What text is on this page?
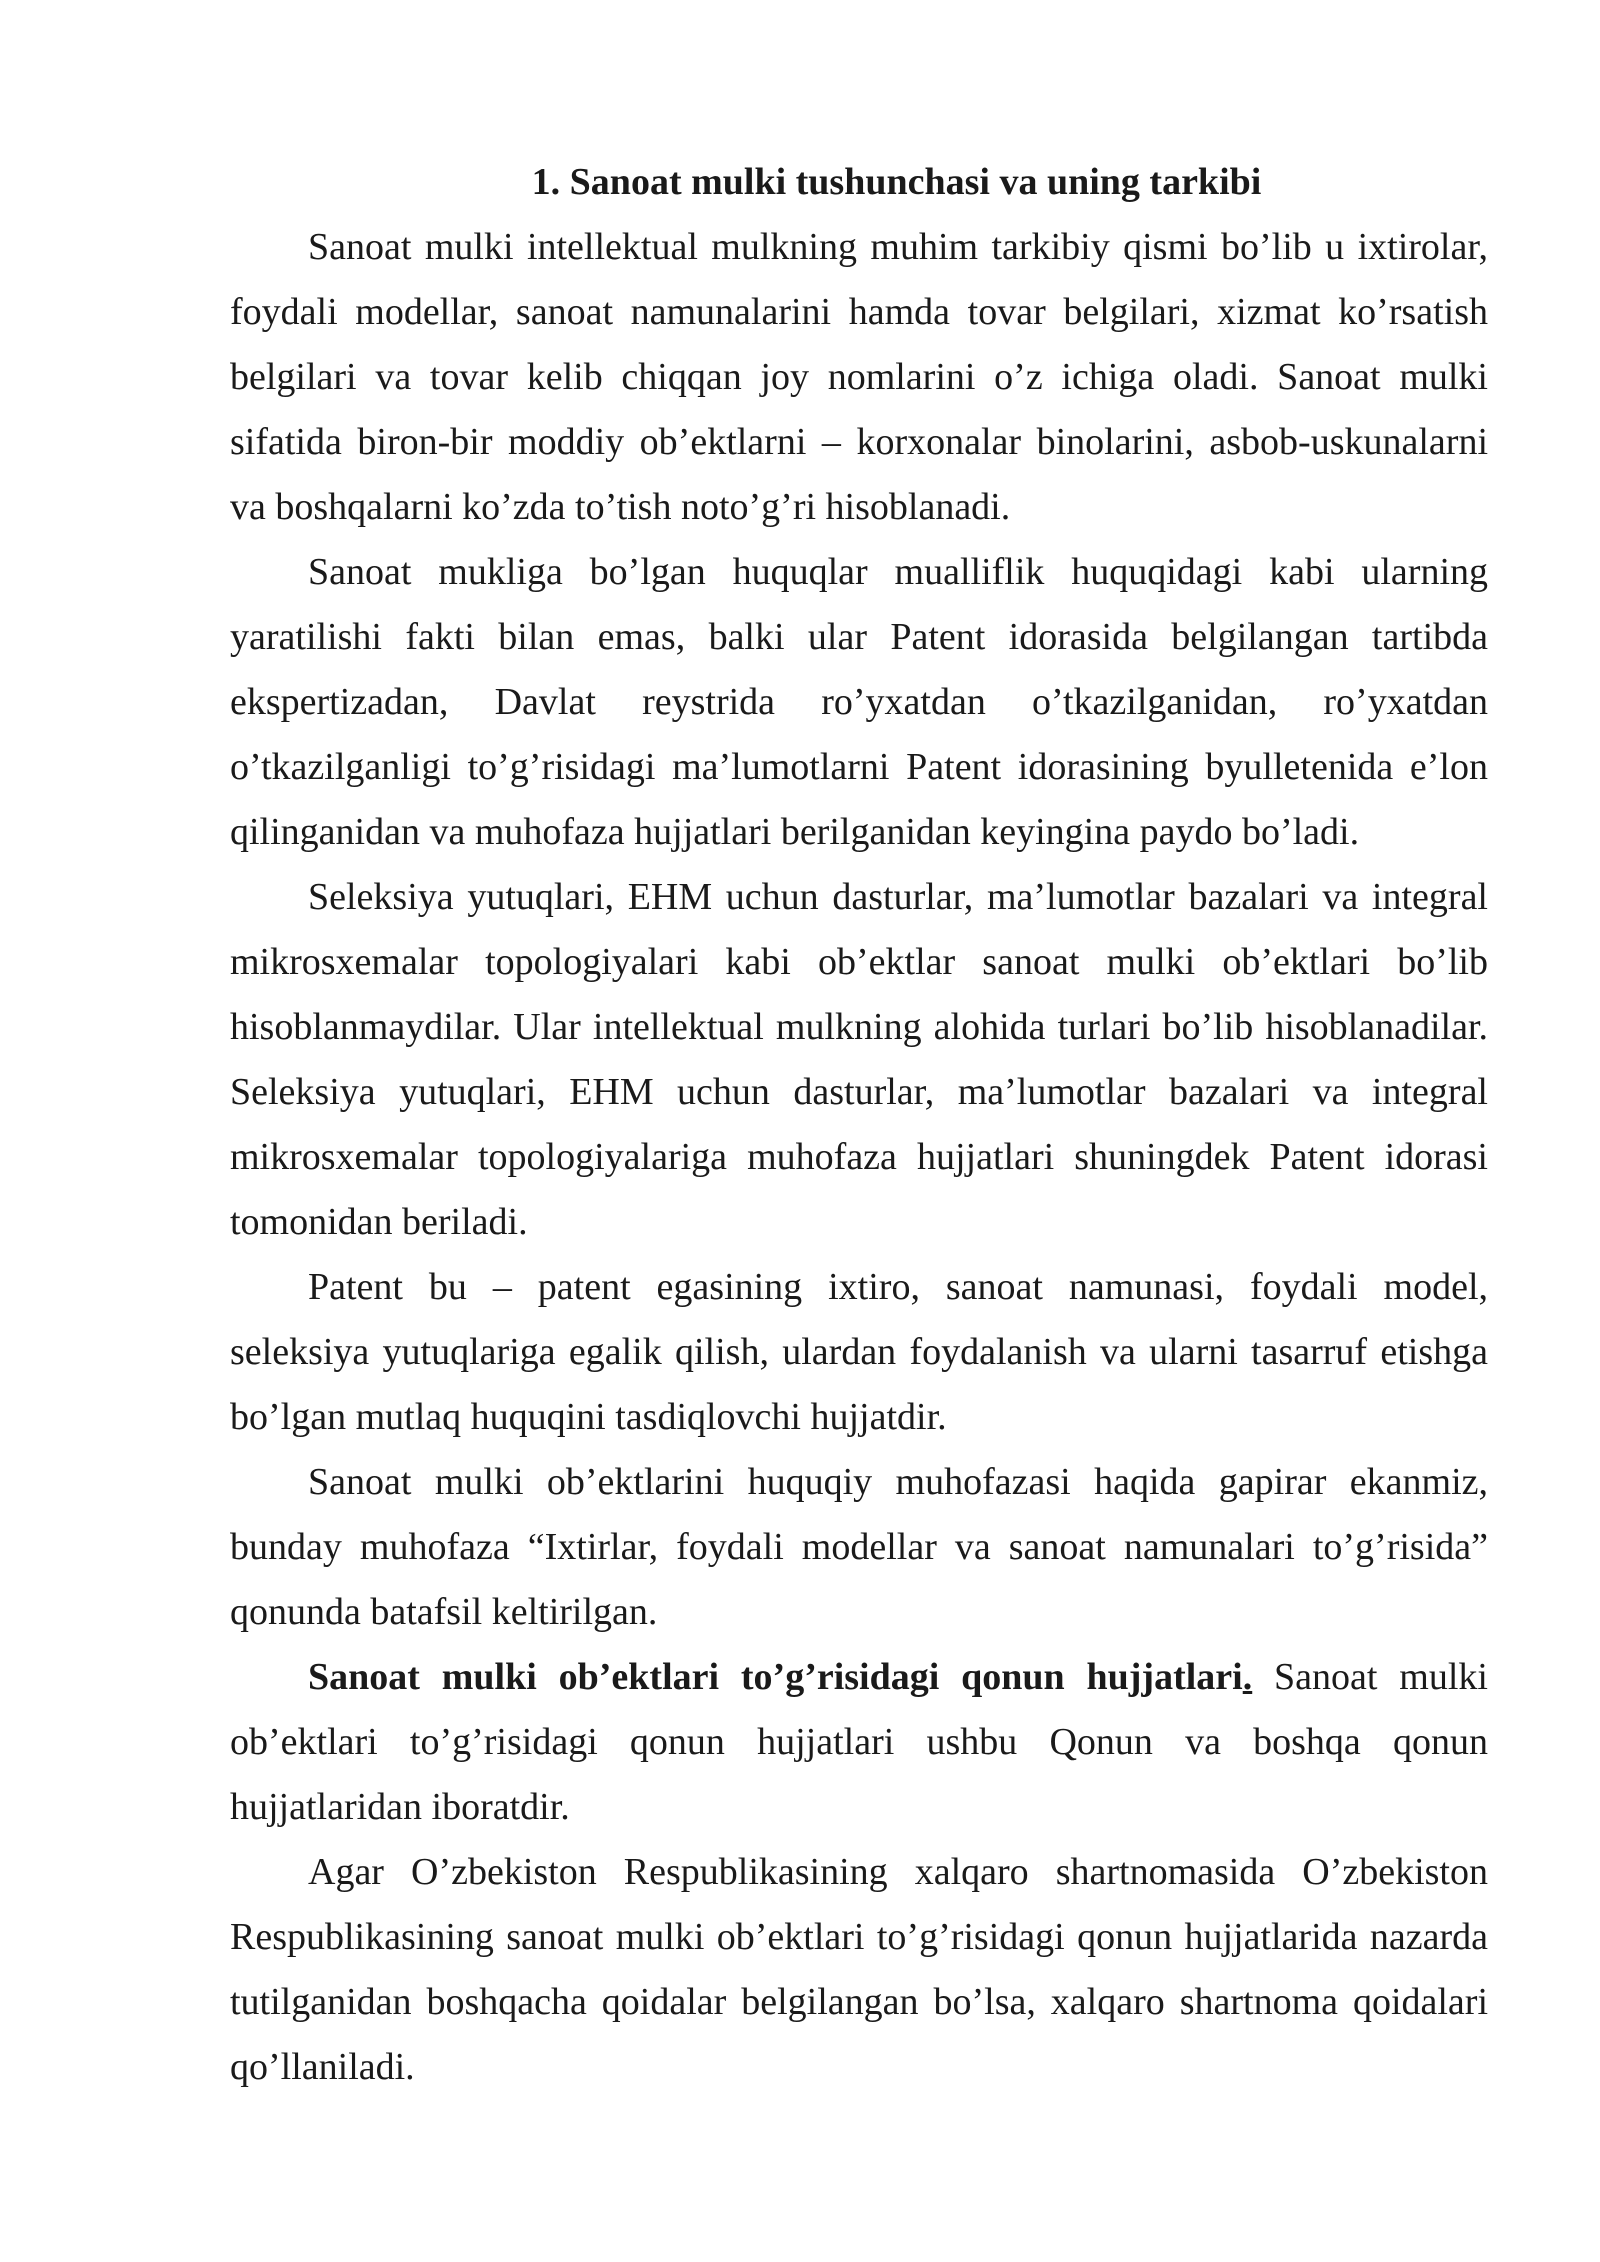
1. Sanoat mulki tushunchasi va uning tarkibi

Sanoat mulki intellektual mulkning muhim tarkibiy qismi bo’lib u ixtirolar, foydali modellar, sanoat namunalarini hamda tovar belgilari, xizmat ko’rsatish belgilari va tovar kelib chiqqan joy nomlarini o’z ichiga oladi. Sanoat mulki sifatida biron-bir moddiy ob’ektlarni – korxonalar binolarini, asbob-uskunalarni va boshqalarni ko’zda to’tish noto’g’ri hisoblanadi.

Sanoat mukliga bo’lgan huquqlar mualliflik huquqidagi kabi ularning yaratilishi fakti bilan emas, balki ular Patent idorasida belgilangan tartibda ekspertizadan, Davlat reystrida ro’yxatdan o’tkazilganidan, ro’yxatdan o’tkazilganligi to’g’risidagi ma’lumotlarni Patent idorasining byulletenida e’lon qilinganidan va muhofaza hujjatlari berilganidan keyingina paydo bo’ladi.

Seleksiya yutuqlari, EHM uchun dasturlar, ma’lumotlar bazalari va integral mikrosxemalar topologiyalari kabi ob’ektlar sanoat mulki ob’ektlari bo’lib hisoblanmaydilar. Ular intellektual mulkning alohida turlari bo’lib hisoblanadilar. Seleksiya yutuqlari, EHM uchun dasturlar, ma’lumotlar bazalari va integral mikrosxemalar topologiyalariga muhofaza hujjatlari shuningdek Patent idorasi tomonidan beriladi.

Patent bu – patent egasining ixtiro, sanoat namunasi, foydali model, seleksiya yutuqlariga egalik qilish, ulardan foydalanish va ularni tasarruf etishga bo’lgan mutlaq huquqini tasdiqlovchi hujjatdir.

Sanoat mulki ob’ektlarini huquqiy muhofazasi haqida gapirar ekanmiz, bunday muhofaza “Ixtirlar, foydali modellar va sanoat namunalari to’g’risida” qonunda batafsil keltirilgan.

Sanoat mulki ob’ektlari to’g’risidagi qonun hujjatlari. Sanoat mulki ob’ektlari to’g’risidagi qonun hujjatlari ushbu Qonun va boshqa qonun hujjatlaridan iboratdir.

Agar O’zbekiston Respublikasining xalqaro shartnomasida O’zbekiston Respublikasining sanoat mulki ob’ektlari to’g’risidagi qonun hujjatlarida nazarda tutilganidan boshqacha qoidalar belgilangan bo’lsa, xalqaro shartnoma qoidalari qo’llaniladi.
